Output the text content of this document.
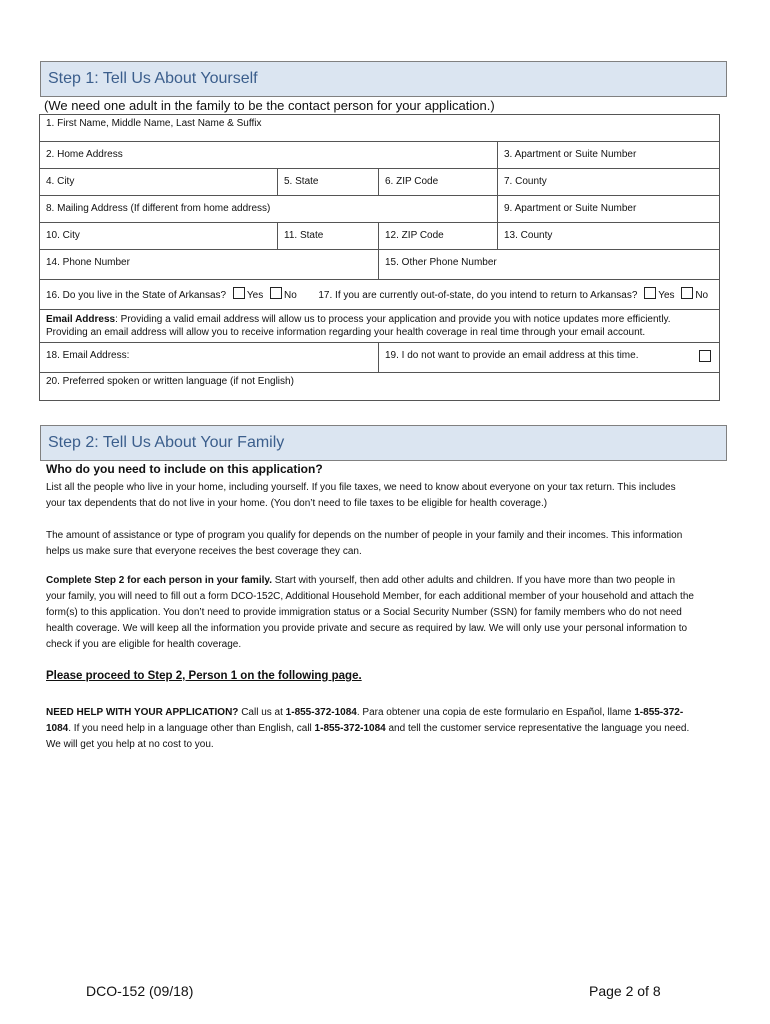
Step 1: Tell Us About Yourself
(We need one adult in the family to be the contact person for your application.)
1. First Name, Middle Name, Last Name & Suffix			
2. Home Address			3. Apartment or Suite Number
4. City	5. State	6. ZIP Code	7. County
8. Mailing Address (If different from home address)			9. Apartment or Suite Number
10. City	11. State	12. ZIP Code	13. County
14. Phone Number		15. Other Phone Number	
16. Do you live in the State of Arkansas? Yes No 17. If you are currently out-of-state, do you intend to return to Arkansas? Yes No			
Email Address: Providing a valid email address will allow us to process your application and provide you with notice updates more efficiently. Providing an email address will allow you to receive information regarding your health coverage in real time through your email account.			
18. Email Address:		19. I do not want to provide an email address at this time.	

20. Preferred spoken or written language (if not English)			
Step 2: Tell Us About Your Family
Who do you need to include on this application?
List all the people who live in your home, including yourself. If you file taxes, we need to know about everyone on your tax return. This includes your tax dependents that do not live in your home. (You don’t need to file taxes to be eligible for health coverage.)
The amount of assistance or type of program you qualify for depends on the number of people in your family and their incomes. This information helps us make sure that everyone receives the best coverage they can.
Complete Step 2 for each person in your family. Start with yourself, then add other adults and children. If you have more than two people in your family, you will need to fill out a form DCO-152C, Additional Household Member, for each additional member of your household and attach the form(s) to this application. You don’t need to provide immigration status or a Social Security Number (SSN) for family members who do not need health coverage. We will keep all the information you provide private and secure as required by law. We will only use your personal information to check if you are eligible for health coverage.
Please proceed to Step 2, Person 1 on the following page.
NEED HELP WITH YOUR APPLICATION? Call us at 1-855-372-1084. Para obtener una copia de este formulario en Español, llame 1-855-372-1084. If you need help in a language other than English, call 1-855-372-1084 and tell the customer service representative the language you need. We will get you help at no cost to you.
DCO-152 (09/18)	Page 2 of 8
